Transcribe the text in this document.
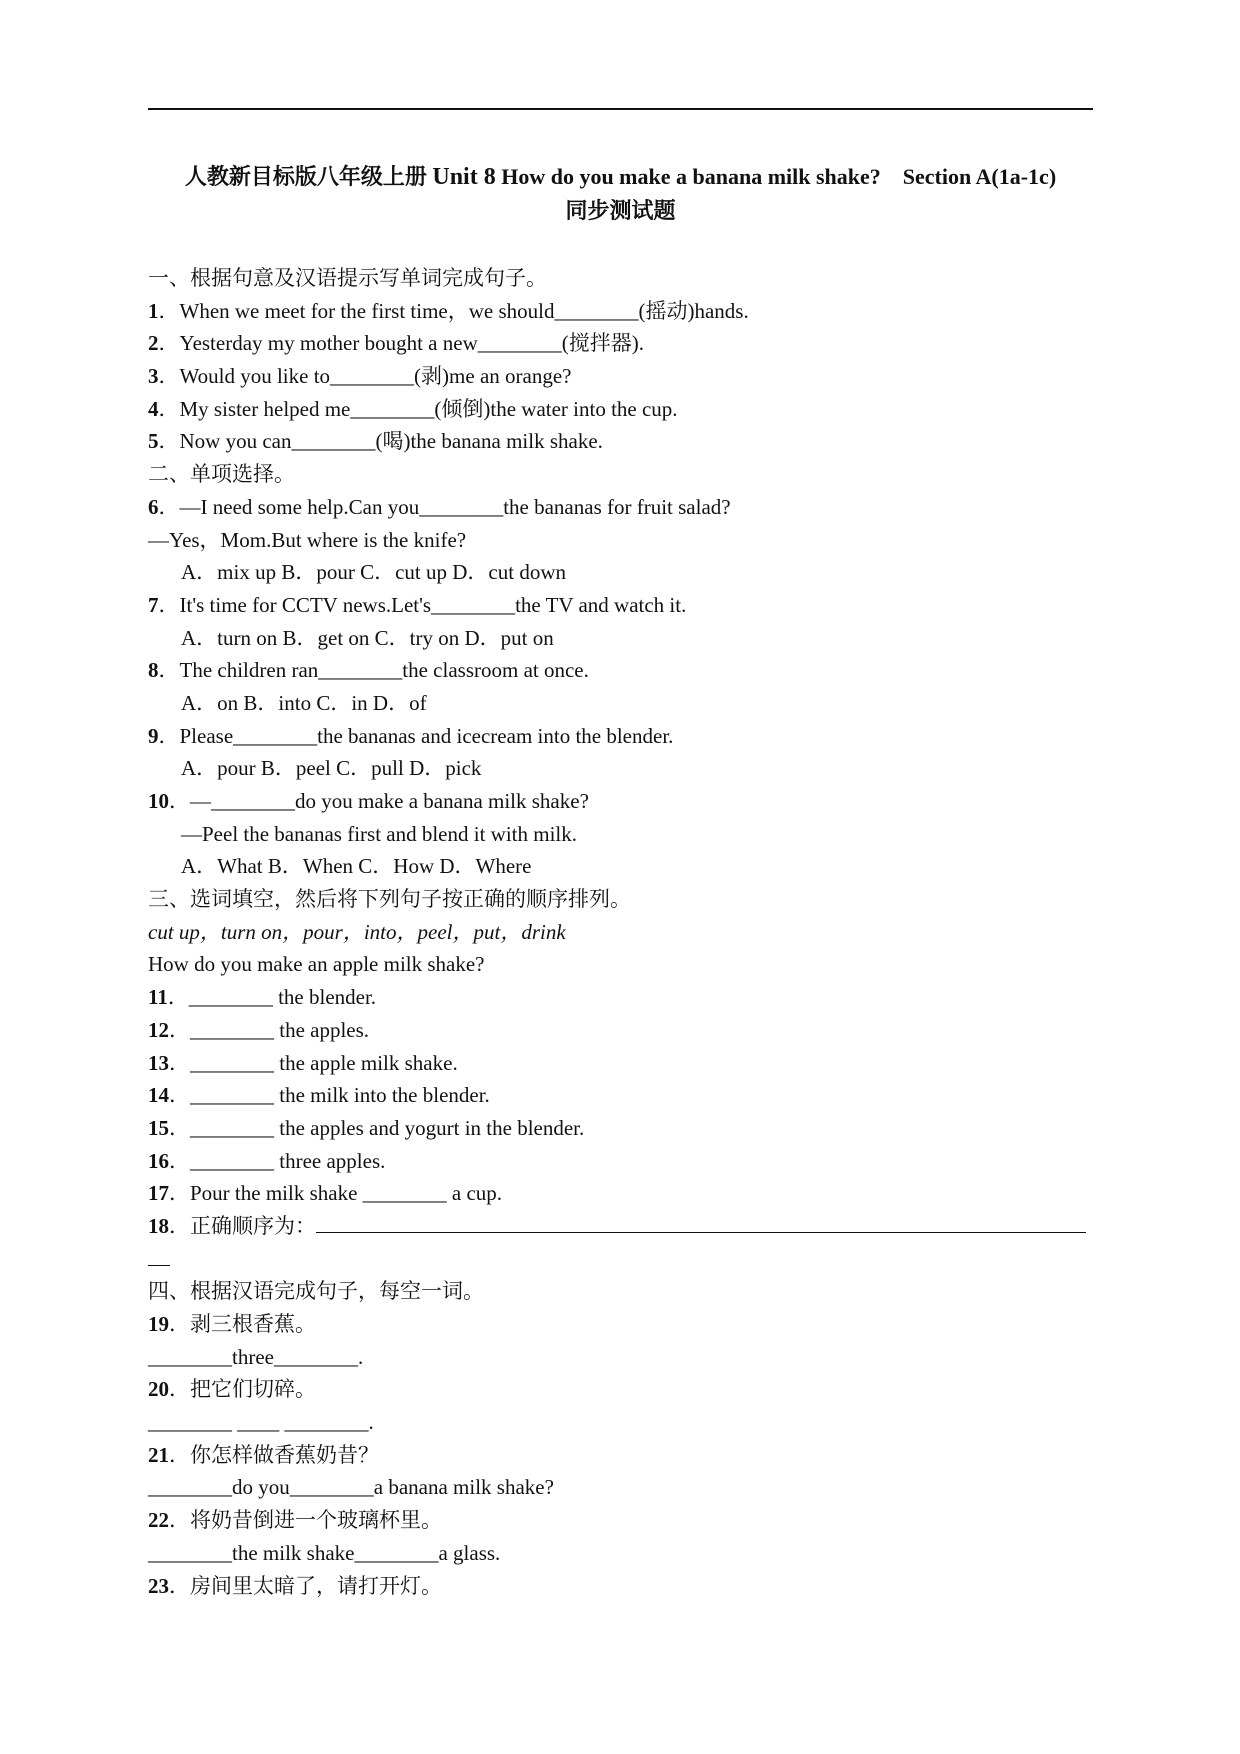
人教新目标版八年级上册 Unit 8 How do you make a banana milk shake?　Section A(1a-1c)
同步测试题
一、根据句意及汉语提示写单词完成句子。
1．When we meet for the first time，we should________(摇动)hands.
2．Yesterday my mother bought a new________(搅拌器).
3．Would you like to________(剥)me an orange?
4．My sister helped me________(倾倒)the water into the cup.
5．Now you can________(喝)the banana milk shake.
二、单项选择。
6．—I need some help.Can you________the bananas for fruit salad?
—Yes，Mom.But where is the knife?
A．mix up B．pour C．cut up D．cut down
7．It's time for CCTV news.Let's________the TV and watch it.
A．turn on B．get on C．try on D．put on
8．The children ran________the classroom at once.
A．on B．into C．in D．of
9．Please________the bananas and icecream into the blender.
A．pour B．peel C．pull D．pick
10．—________do you make a banana milk shake?
—Peel the bananas first and blend it with milk.
A．What B．When C．How D．Where
三、选词填空，然后将下列句子按正确的顺序排列。
cut up，turn on，pour，into，peel，put，drink
How do you make an apple milk shake?
11．________ the blender.
12．________ the apples.
13．________ the apple milk shake.
14．________ the milk into the blender.
15．________ the apples and yogurt in the blender.
16．________ three apples.
17．Pour the milk shake ________ a cup.
18．正确顺序为：
四、根据汉语完成句子，每空一词。
19．剥三根香蕉。
________three________.
20．把它们切碎。
________ ____ ________.
21．你怎样做香蕉奶昔？
________do you________a banana milk shake?
22．将奶昔倒进一个玻璃杯里。
________the milk shake________a glass.
23．房间里太暗了，请打开灯。
